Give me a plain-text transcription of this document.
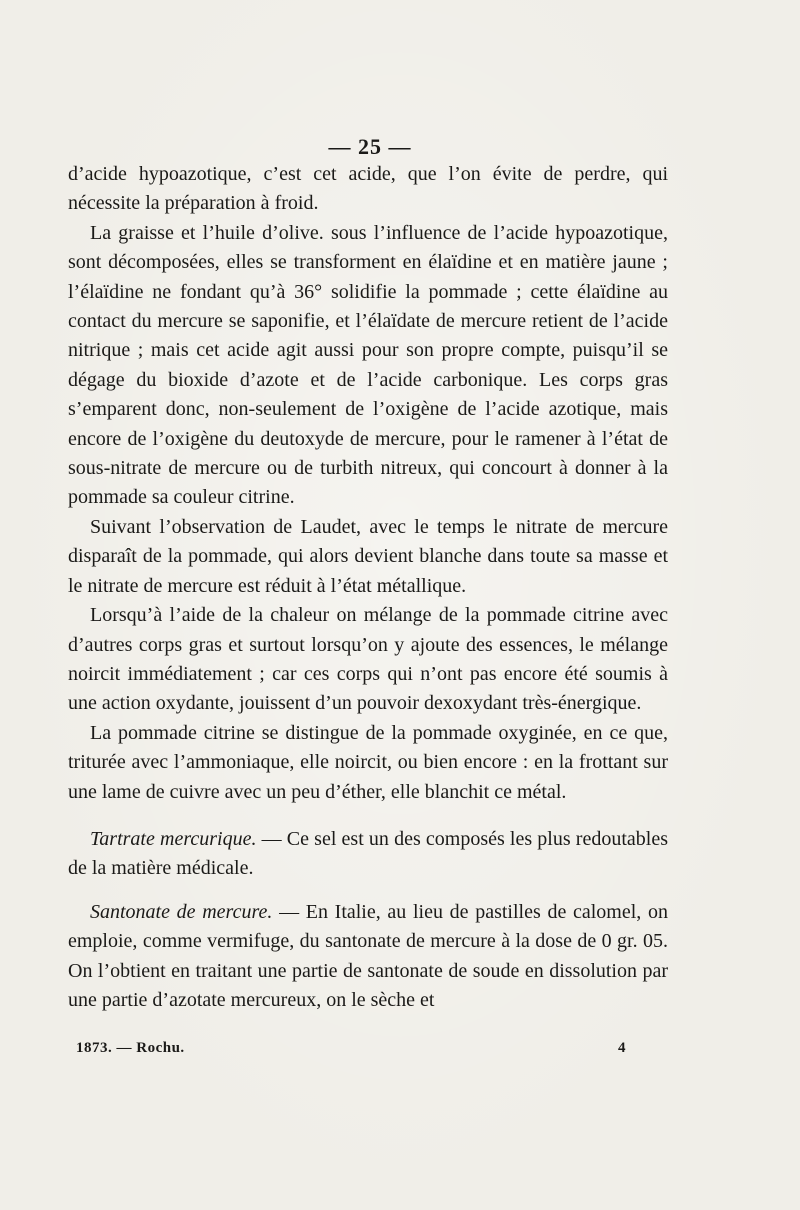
— 25 —

d’acide hypoazotique, c’est cet acide, que l’on évite de perdre, qui nécessite la préparation à froid.

La graisse et l’huile d’olive. sous l’influence de l’acide hypoazotique, sont décomposées, elles se transforment en élaïdine et en matière jaune ; l’élaïdine ne fondant qu’à 36° solidifie la pommade ; cette élaïdine au contact du mercure se saponifie, et l’élaïdate de mercure retient de l’acide nitrique ; mais cet acide agit aussi pour son propre compte, puisqu’il se dégage du bioxide d’azote et de l’acide carbonique. Les corps gras s’emparent donc, non-seulement de l’oxigène de l’acide azotique, mais encore de l’oxigène du deutoxyde de mercure, pour le ramener à l’état de sous-nitrate de mercure ou de turbith nitreux, qui concourt à donner à la pommade sa couleur citrine.

Suivant l’observation de Laudet, avec le temps le nitrate de mercure disparaît de la pommade, qui alors devient blanche dans toute sa masse et le nitrate de mercure est réduit à l’état métallique.

Lorsqu’à l’aide de la chaleur on mélange de la pommade citrine avec d’autres corps gras et surtout lorsqu’on y ajoute des essences, le mélange noircit immédiatement ; car ces corps qui n’ont pas encore été soumis à une action oxydante, jouissent d’un pouvoir dexoxydant très-énergique.

La pommade citrine se distingue de la pommade oxyginée, en ce que, triturée avec l’ammoniaque, elle noircit, ou bien encore : en la frottant sur une lame de cuivre avec un peu d’éther, elle blanchit ce métal.

Tartrate mercurique. — Ce sel est un des composés les plus redoutables de la matière médicale.

Santonate de mercure. — En Italie, au lieu de pastilles de calomel, on emploie, comme vermifuge, du santonate de mercure à la dose de 0 gr. 05. On l’obtient en traitant une partie de santonate de soude en dissolution par une partie d’azotate mercureux, on le sèche et

1873. — Rochu.	4
